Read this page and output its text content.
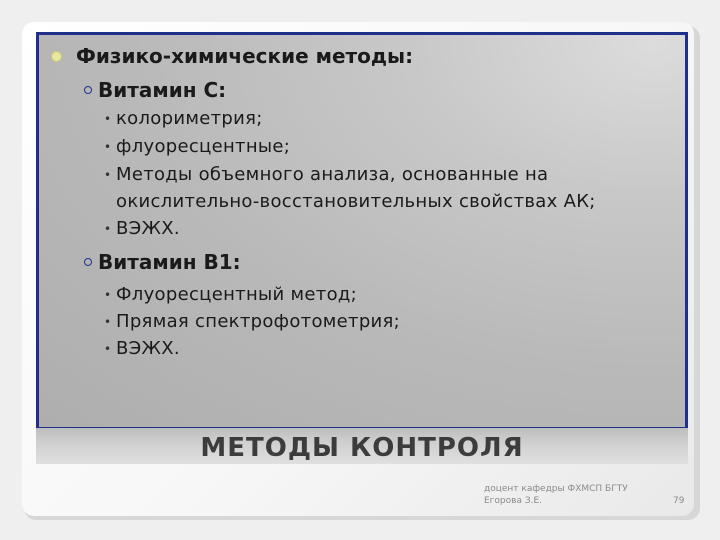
Физико-химические методы:
Витамин С:
• колориметрия;
• флуоресцентные;
• Методы объемного анализа, основанные на
окислительно-восстановительных свойствах АК;
• ВЭЖХ.
Витамин В1:
• Флуоресцентный метод;
• Прямая спектрофотометрия;
• ВЭЖХ.
МЕТОДЫ КОНТРОЛЯ
доцент кафедры ФХМСП БГТУ
Егорова З.Е.	79
